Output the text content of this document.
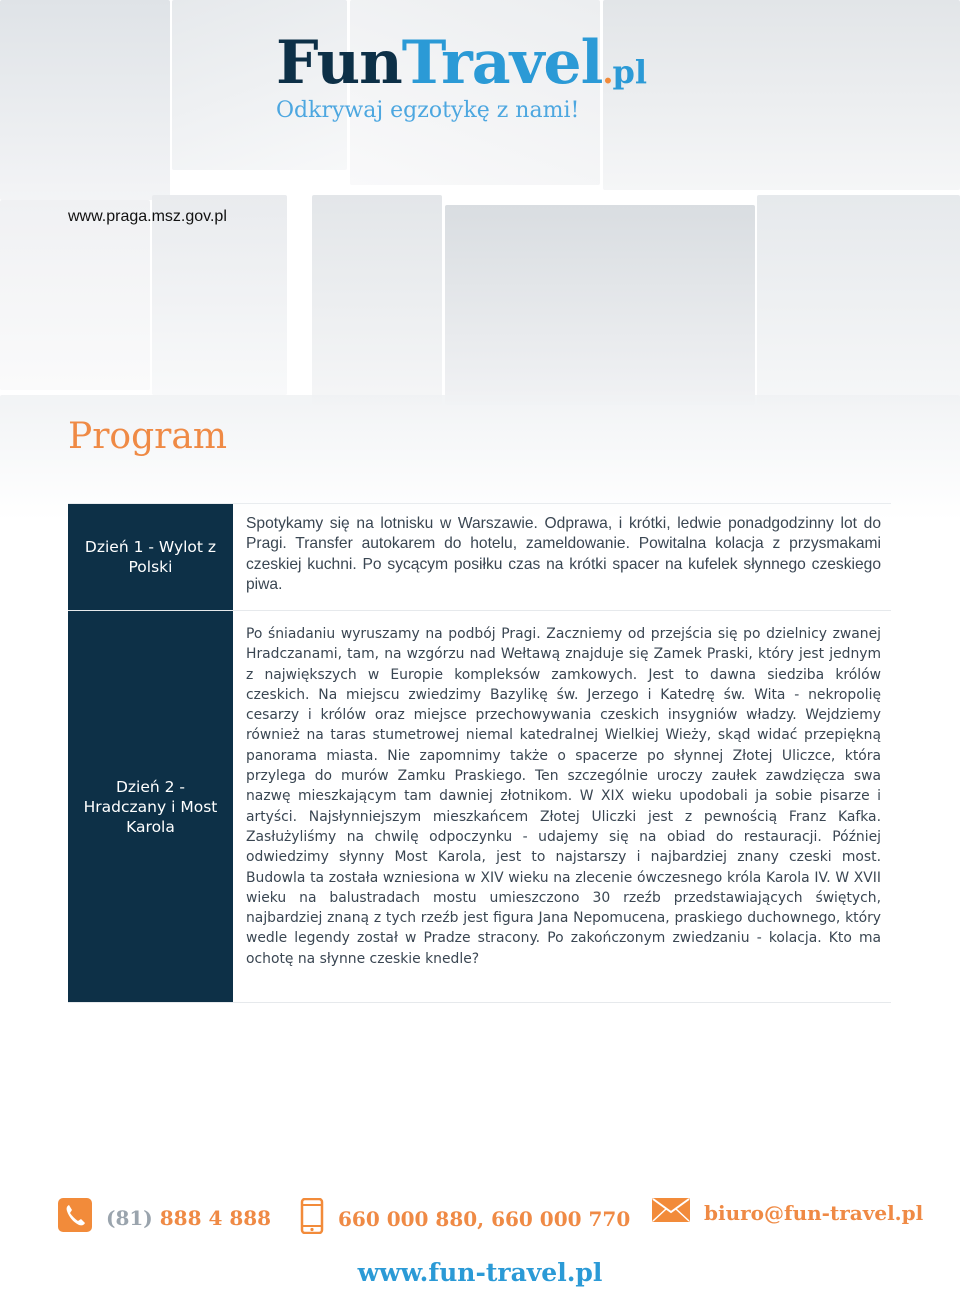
FunTravel.pl
Odkrywaj egzotykę z nami!
www.praga.msz.gov.pl
Program
Dzień 1 - Wylot z Polski
Spotykamy się na lotnisku w Warszawie. Odprawa, i krótki, ledwie ponadgodzinny lot do Pragi. Transfer autokarem do hotelu, zameldowanie. Powitalna kolacja z przysmakami czeskiej kuchni. Po sycącym posiłku czas na krótki spacer na kufelek słynnego czeskiego piwa.
Dzień 2 - Hradczany i Most Karola
Po śniadaniu wyruszamy na podbój Pragi. Zaczniemy od przejścia się po dzielnicy zwanej Hradczanami, tam, na wzgórzu nad Wełtawą znajduje się Zamek Praski, który jest jednym z największych w Europie kompleksów zamkowych. Jest to dawna siedziba królów czeskich. Na miejscu zwiedzimy Bazylikę św. Jerzego i Katedrę św. Wita - nekropolię cesarzy i królów oraz miejsce przechowywania czeskich insygniów władzy. Wejdziemy również na taras stumetrowej niemal katedralnej Wielkiej Wieży, skąd widać przepiękną panorama miasta. Nie zapomnimy także o spacerze po słynnej Złotej Uliczce, która przylega do murów Zamku Praskiego. Ten szczególnie uroczy zaułek zawdzięcza swa nazwę mieszkającym tam dawniej złotnikom. W XIX wieku upodobali ja sobie pisarze i artyści. Najsłynniejszym mieszkańcem Złotej Uliczki jest z pewnością Franz Kafka. Zasłużyliśmy na chwilę odpoczynku - udajemy się na obiad do restauracji. Później odwiedzimy słynny Most Karola, jest to najstarszy i najbardziej znany czeski most. Budowla ta została wzniesiona w XIV wieku na zlecenie ówczesnego króla Karola IV. W XVII wieku na balustradach mostu umieszczono 30 rzeźb przedstawiających świętych, najbardziej znaną z tych rzeźb jest figura Jana Nepomucena, praskiego duchownego, który wedle legendy został w Pradze stracony. Po zakończonym zwiedzaniu - kolacja. Kto ma ochotę na słynne czeskie knedle?
(81)
888 4 888	660 000 880, 660 000 770	biuro@fun-travel.pl
www.fun-travel.pl
